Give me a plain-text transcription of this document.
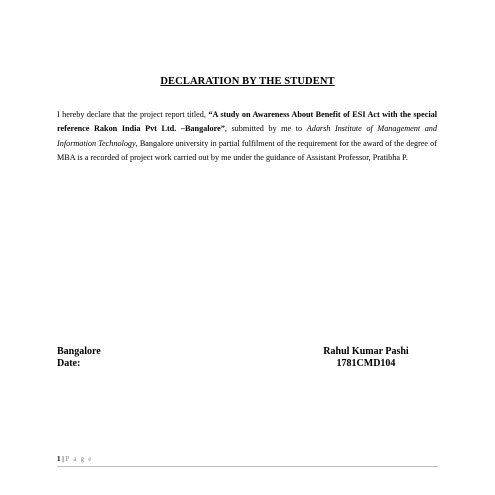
DECLARATION BY THE STUDENT
I hereby declare that the project report titled, “A study on Awareness About Benefit of ESI Act with the special reference Rakon India Pvt Ltd. –Bangalore”, submitted by me to Adarsh Institute of Management and Information Technology, Bangalore university in partial fulfilment of the requirement for the award of the degree of MBA is a recorded of project work carried out by me under the guidance of Assistant Professor, Pratibha P.
Bangalore
Date:
Rahul Kumar Pashi
1781CMD104
1 | P a g e
